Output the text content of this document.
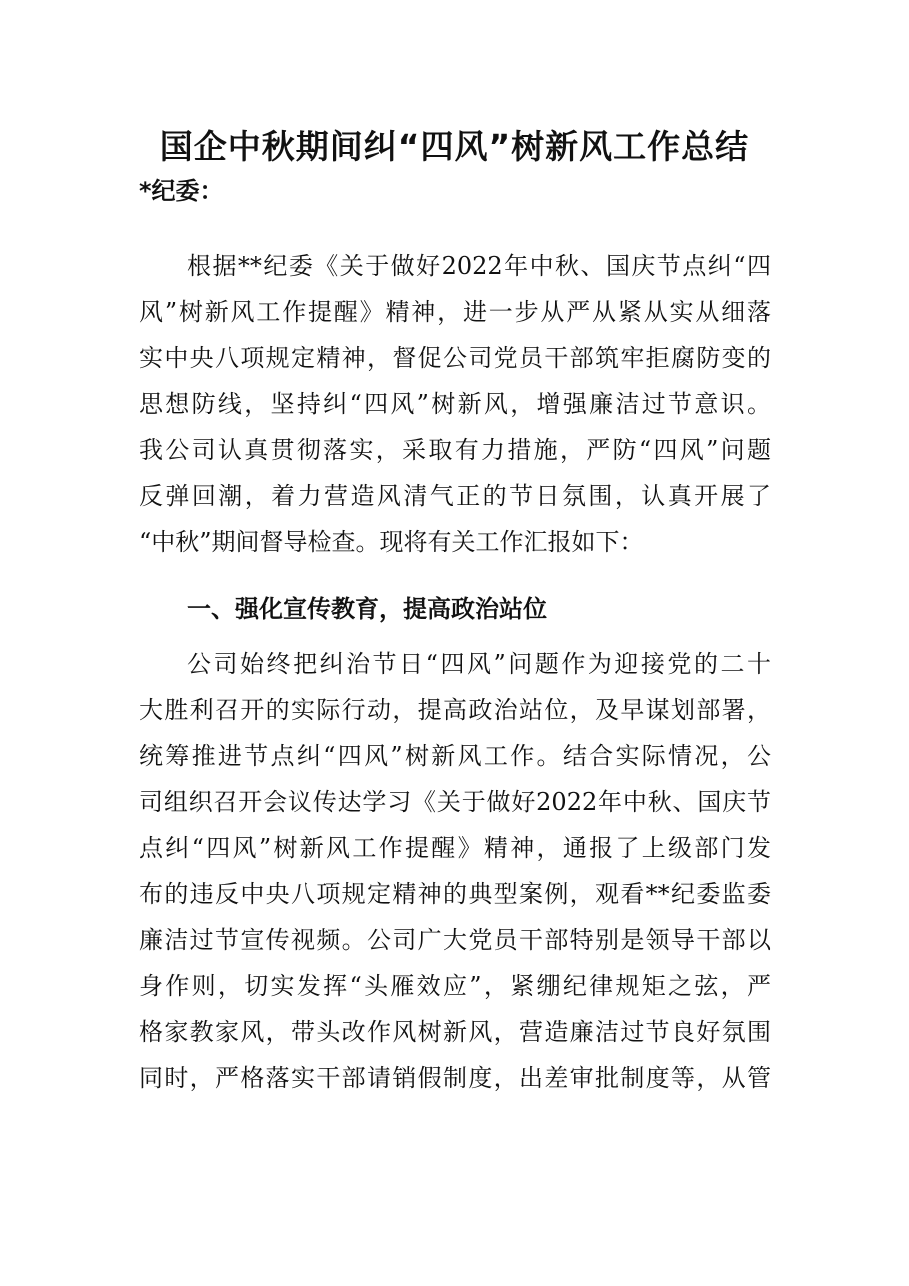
国企中秋期间纠“四风”树新风工作总结
*纪委：
根据**纪委《关于做好2022年中秋、国庆节点纠“四
风”树新风工作提醒》精神，进一步从严从紧从实从细落
实中央八项规定精神，督促公司党员干部筑牢拒腐防变的
思想防线，坚持纠“四风”树新风，增强廉洁过节意识。
我公司认真贯彻落实，采取有力措施，严防“四风”问题
反弹回潮，着力营造风清气正的节日氛围，认真开展了
“中秋”期间督导检查。现将有关工作汇报如下：
一、强化宣传教育，提高政治站位
公司始终把纠治节日“四风”问题作为迎接党的二十
大胜利召开的实际行动，提高政治站位，及早谋划部署，
统筹推进节点纠“四风”树新风工作。结合实际情况，公
司组织召开会议传达学习《关于做好2022年中秋、国庆节
点纠“四风”树新风工作提醒》精神，通报了上级部门发
布的违反中央八项规定精神的典型案例，观看**纪委监委
廉洁过节宣传视频。公司广大党员干部特别是领导干部以
身作则，切实发挥“头雁效应”，紧绷纪律规矩之弦，严
格家教家风，带头改作风树新风，营造廉洁过节良好氛围
同时，严格落实干部请销假制度，出差审批制度等，从管
